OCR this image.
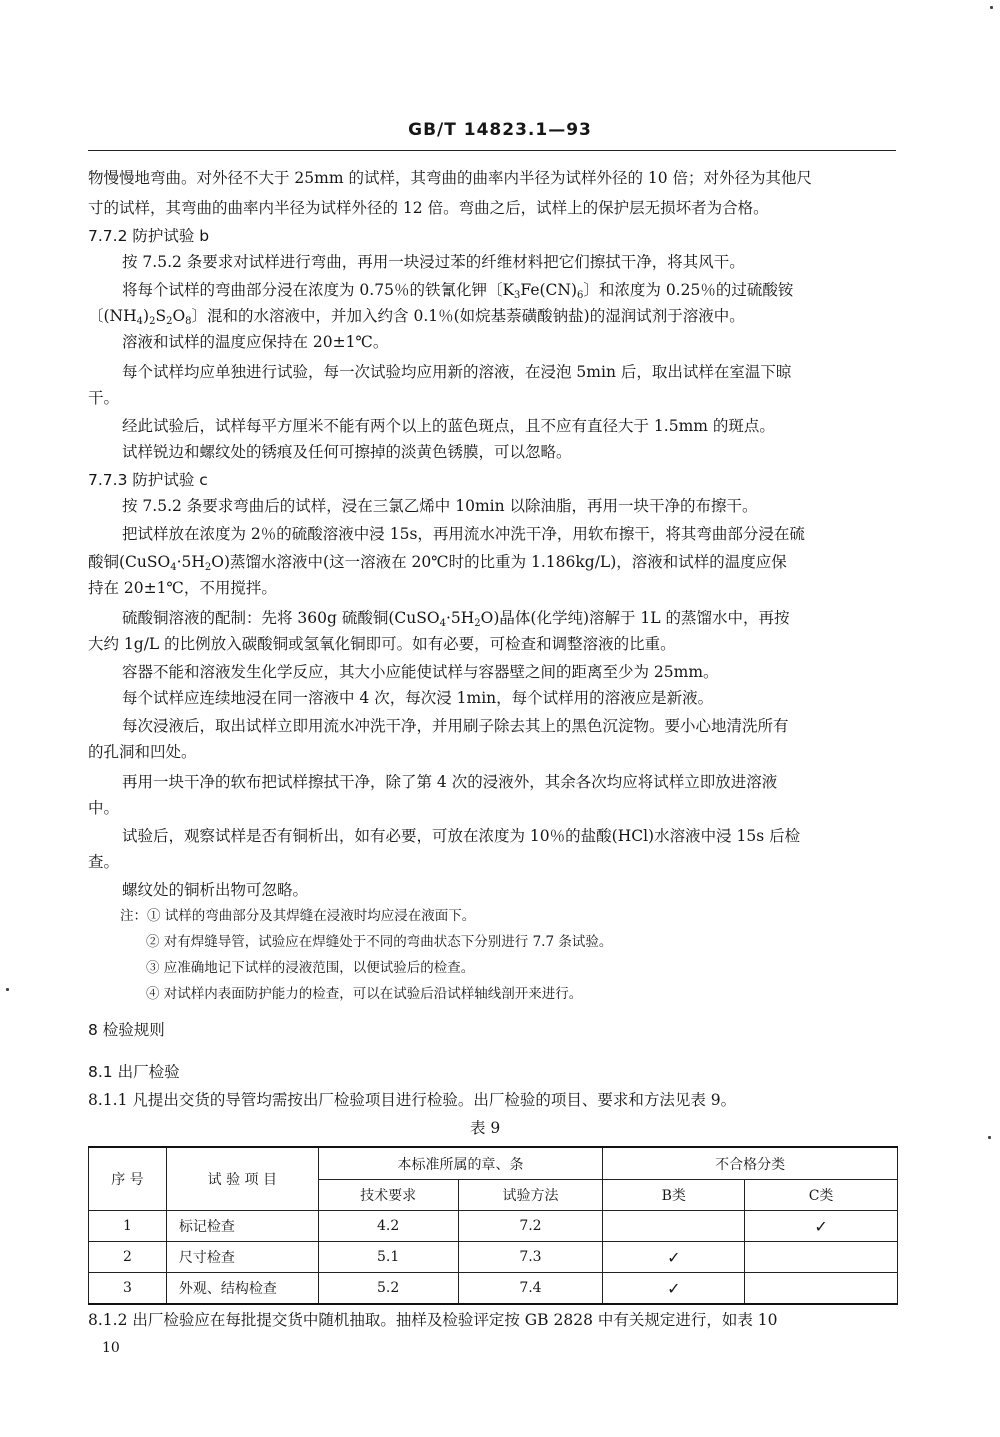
GB/T 14823.1—93
物慢慢地弯曲。对外径不大于 25mm 的试样，其弯曲的曲率内半径为试样外径的 10 倍；对外径为其他尺
寸的试样，其弯曲的曲率内半径为试样外径的 12 倍。弯曲之后，试样上的保护层无损坏者为合格。
7.7.2 防护试验 b
按 7.5.2 条要求对试样进行弯曲，再用一块浸过苯的纤维材料把它们擦拭干净，将其风干。
将每个试样的弯曲部分浸在浓度为 0.75％的铁氰化钾〔$K_3Fe(CN)_6$〕和浓度为 0.25％的过硫酸铵
〔$(NH_4)_2S_2O_8$〕混和的水溶液中，并加入约含 0.1％(如烷基萘磺酸钠盐)的湿润试剂于溶液中。
溶液和试样的温度应保持在 20±1℃。
每个试样均应单独进行试验，每一次试验均应用新的溶液，在浸泡 5min 后，取出试样在室温下晾
干。
经此试验后，试样每平方厘米不能有两个以上的蓝色斑点，且不应有直径大于 1.5mm 的斑点。
试样锐边和螺纹处的锈痕及任何可擦掉的淡黄色锈膜，可以忽略。
7.7.3 防护试验 c
按 7.5.2 条要求弯曲后的试样，浸在三氯乙烯中 10min 以除油脂，再用一块干净的布擦干。
把试样放在浓度为 2％的硫酸溶液中浸 15s，再用流水冲洗干净，用软布擦干，将其弯曲部分浸在硫
酸铜$(CuSO_4\cdot 5H_2O)$蒸馏水溶液中(这一溶液在 20℃时的比重为 1.186kg/L)，溶液和试样的温度应保
持在 20±1℃，不用搅拌。
硫酸铜溶液的配制：先将 360g 硫酸铜$(CuSO_4\cdot 5H_2O)$晶体(化学纯)溶解于 1L 的蒸馏水中，再按
大约 1g/L 的比例放入碳酸铜或氢氧化铜即可。如有必要，可检查和调整溶液的比重。
容器不能和溶液发生化学反应，其大小应能使试样与容器壁之间的距离至少为 25mm。
每个试样应连续地浸在同一溶液中 4 次，每次浸 1min，每个试样用的溶液应是新液。
每次浸液后，取出试样立即用流水冲洗干净，并用刷子除去其上的黑色沉淀物。要小心地清洗所有
的孔洞和凹处。
再用一块干净的软布把试样擦拭干净，除了第 4 次的浸液外，其余各次均应将试样立即放进溶液
中。
试验后，观察试样是否有铜析出，如有必要，可放在浓度为 10％的盐酸(HCl)水溶液中浸 15s 后检
查。
螺纹处的铜析出物可忽略。
注：① 试样的弯曲部分及其焊缝在浸液时均应浸在液面下。
② 对有焊缝导管，试验应在焊缝处于不同的弯曲状态下分别进行 7.7 条试验。
③ 应准确地记下试样的浸液范围，以便试验后的检查。
④ 对试样内表面防护能力的检查，可以在试验后沿试样轴线剖开来进行。
8 检验规则
8.1 出厂检验
8.1.1 凡提出交货的导管均需按出厂检验项目进行检验。出厂检验的项目、要求和方法见表 9。
表 9
序 号	试 验 项 目	本标准所属的章、条		不合格分类	
		技术要求	试验方法	B类	C类
1	标记检查	4.2	7.2		✓
2	尺寸检查	5.1	7.3	✓	
3	外观、结构检查	5.2	7.4	✓	
8.1.2 出厂检验应在每批提交货中随机抽取。抽样及检验评定按 GB 2828 中有关规定进行，如表 10
10
